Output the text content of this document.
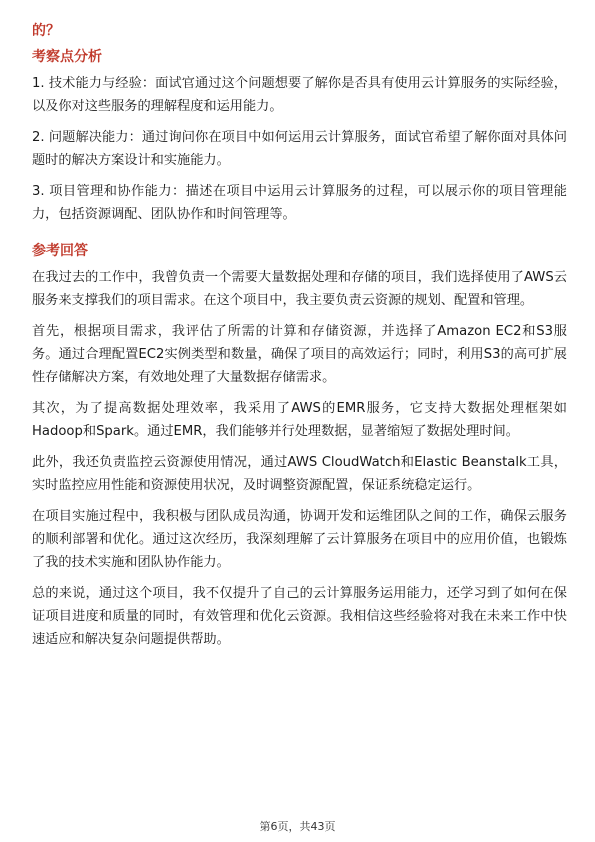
的？

考察点分析

1. 技术能力与经验：面试官通过这个问题想要了解你是否具有使用云计算服务的实际经验，以及你对这些服务的理解程度和运用能力。

2. 问题解决能力：通过询问你在项目中如何运用云计算服务，面试官希望了解你面对具体问题时的解决方案设计和实施能力。

3. 项目管理和协作能力：描述在项目中运用云计算服务的过程，可以展示你的项目管理能力，包括资源调配、团队协作和时间管理等。

参考回答

在我过去的工作中，我曾负责一个需要大量数据处理和存储的项目，我们选择使用了AWS云服务来支撑我们的项目需求。在这个项目中，我主要负责云资源的规划、配置和管理。

首先，根据项目需求，我评估了所需的计算和存储资源，并选择了Amazon EC2和S3服务。通过合理配置EC2实例类型和数量，确保了项目的高效运行；同时，利用S3的高可扩展性存储解决方案，有效地处理了大量数据存储需求。

其次，为了提高数据处理效率，我采用了AWS的EMR服务，它支持大数据处理框架如Hadoop和Spark。通过EMR，我们能够并行处理数据，显著缩短了数据处理时间。

此外，我还负责监控云资源使用情况，通过AWS CloudWatch和Elastic Beanstalk工具，实时监控应用性能和资源使用状况，及时调整资源配置，保证系统稳定运行。

在项目实施过程中，我积极与团队成员沟通，协调开发和运维团队之间的工作，确保云服务的顺利部署和优化。通过这次经历，我深刻理解了云计算服务在项目中的应用价值，也锻炼了我的技术实施和团队协作能力。

总的来说，通过这个项目，我不仅提升了自己的云计算服务运用能力，还学习到了如何在保证项目进度和质量的同时，有效管理和优化云资源。我相信这些经验将对我在未来工作中快速适应和解决复杂问题提供帮助。

第6页，共43页
